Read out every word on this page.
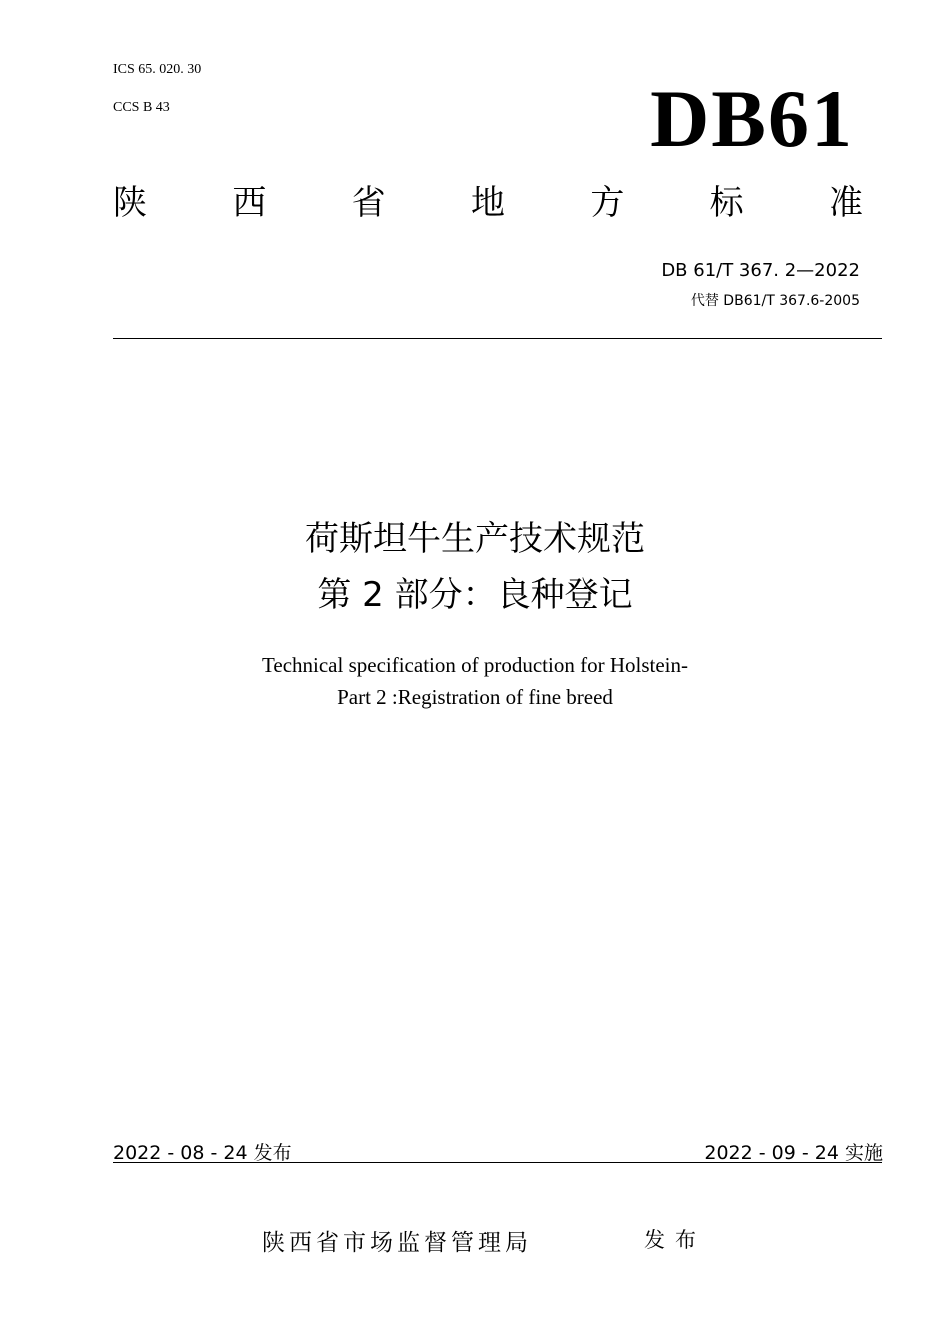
ICS 65. 020. 30
CCS B 43	DB61
陕	西	省	地	方	标	准
DB 61/T 367. 2—2022
代替 DB61/T 367.6-2005
荷斯坦牛生产技术规范
第 2 部分：良种登记
Technical specification of production for Holstein-
Part 2 :Registration of fine breed
2022 - 08 - 24 发布	2022 - 09 - 24 实施
陕西省市场监督管理局	发布
